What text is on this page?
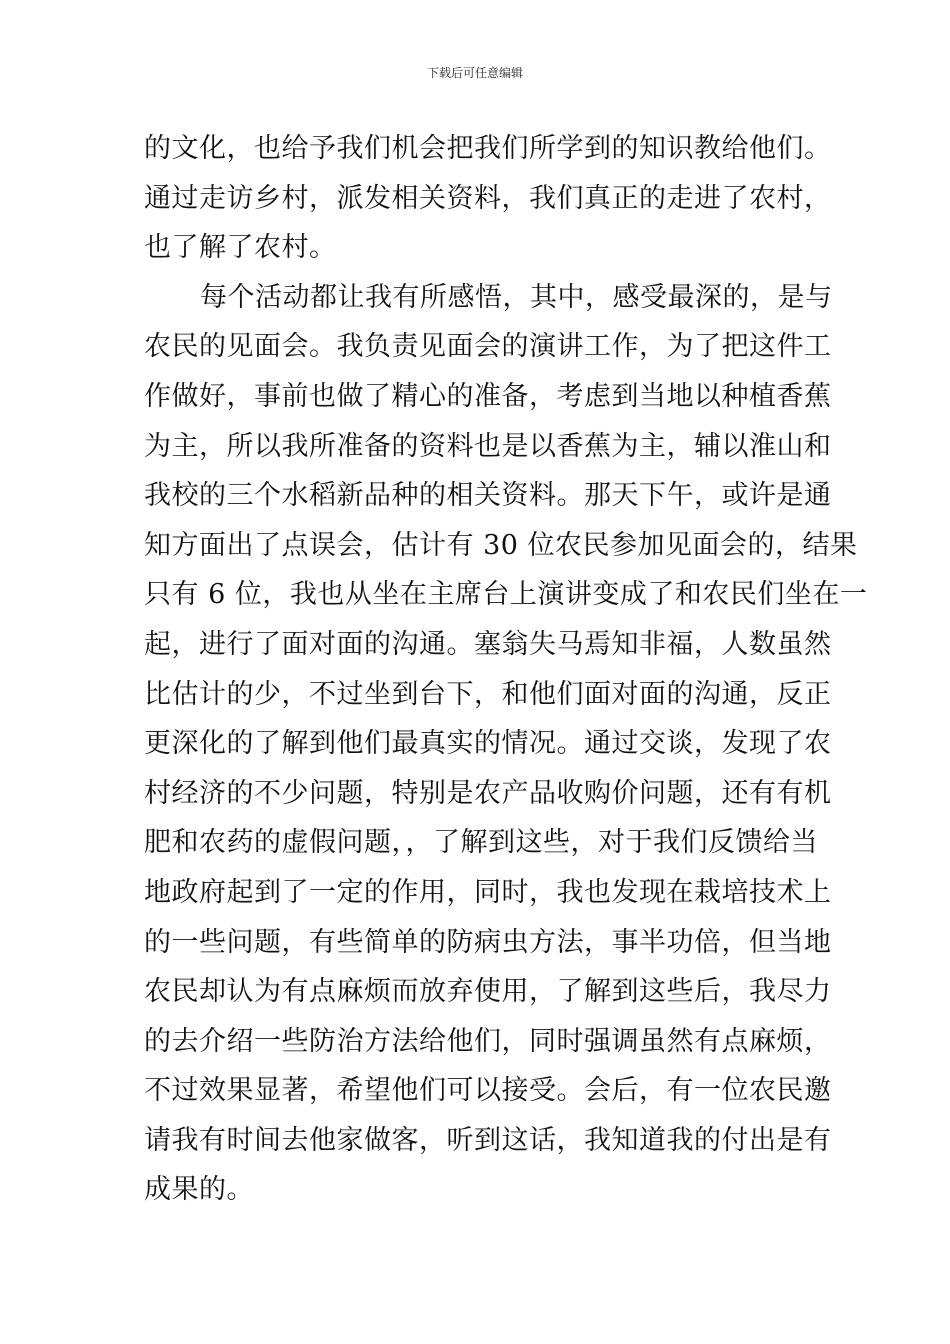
下载后可任意编辑
的文化，也给予我们机会把我们所学到的知识教给他们。
通过走访乡村，派发相关资料，我们真正的走进了农村，
也了解了农村。
每个活动都让我有所感悟，其中，感受最深的，是与
农民的见面会。我负责见面会的演讲工作，为了把这件工
作做好，事前也做了精心的准备，考虑到当地以种植香蕉
为主，所以我所准备的资料也是以香蕉为主，辅以淮山和
我校的三个水稻新品种的相关资料。那天下午，或许是通
知方面出了点误会，估计有 30 位农民参加见面会的，结果
只有 6 位，我也从坐在主席台上演讲变成了和农民们坐在一
起，进行了面对面的沟通。塞翁失马焉知非福，人数虽然
比估计的少，不过坐到台下，和他们面对面的沟通，反正
更深化的了解到他们最真实的情况。通过交谈，发现了农
村经济的不少问题，特别是农产品收购价问题，还有有机
肥和农药的虚假问题，，了解到这些，对于我们反馈给当
地政府起到了一定的作用，同时，我也发现在栽培技术上
的一些问题，有些简单的防病虫方法，事半功倍，但当地
农民却认为有点麻烦而放弃使用，了解到这些后，我尽力
的去介绍一些防治方法给他们，同时强调虽然有点麻烦，
不过效果显著，希望他们可以接受。会后，有一位农民邀
请我有时间去他家做客，听到这话，我知道我的付出是有
成果的。
